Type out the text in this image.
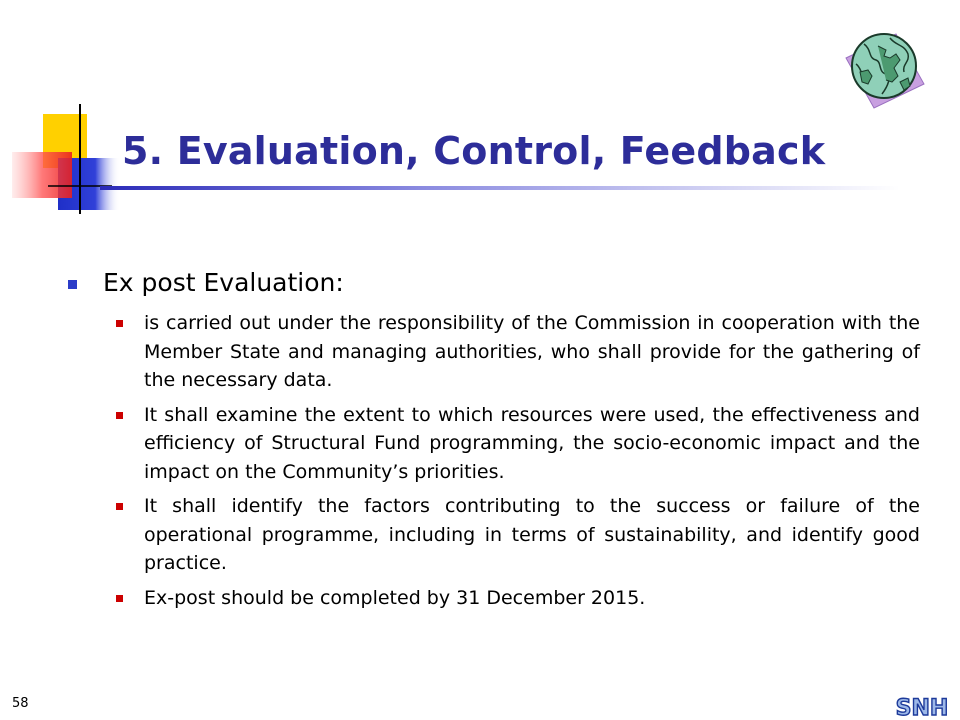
5. Evaluation, Control, Feedback

Ex post Evaluation:

is carried out under the responsibility of the Commission in cooperation with the Member State and managing authorities, who shall provide for the gathering of the necessary data.
It shall examine the extent to which resources were used, the effectiveness and efficiency of Structural Fund programming, the socio-economic impact and the impact on the Community’s priorities.
It shall identify the factors contributing to the success or failure of the operational programme, including in terms of sustainability, and identify good practice.
Ex-post should be completed by 31 December 2015.
58	SNH
